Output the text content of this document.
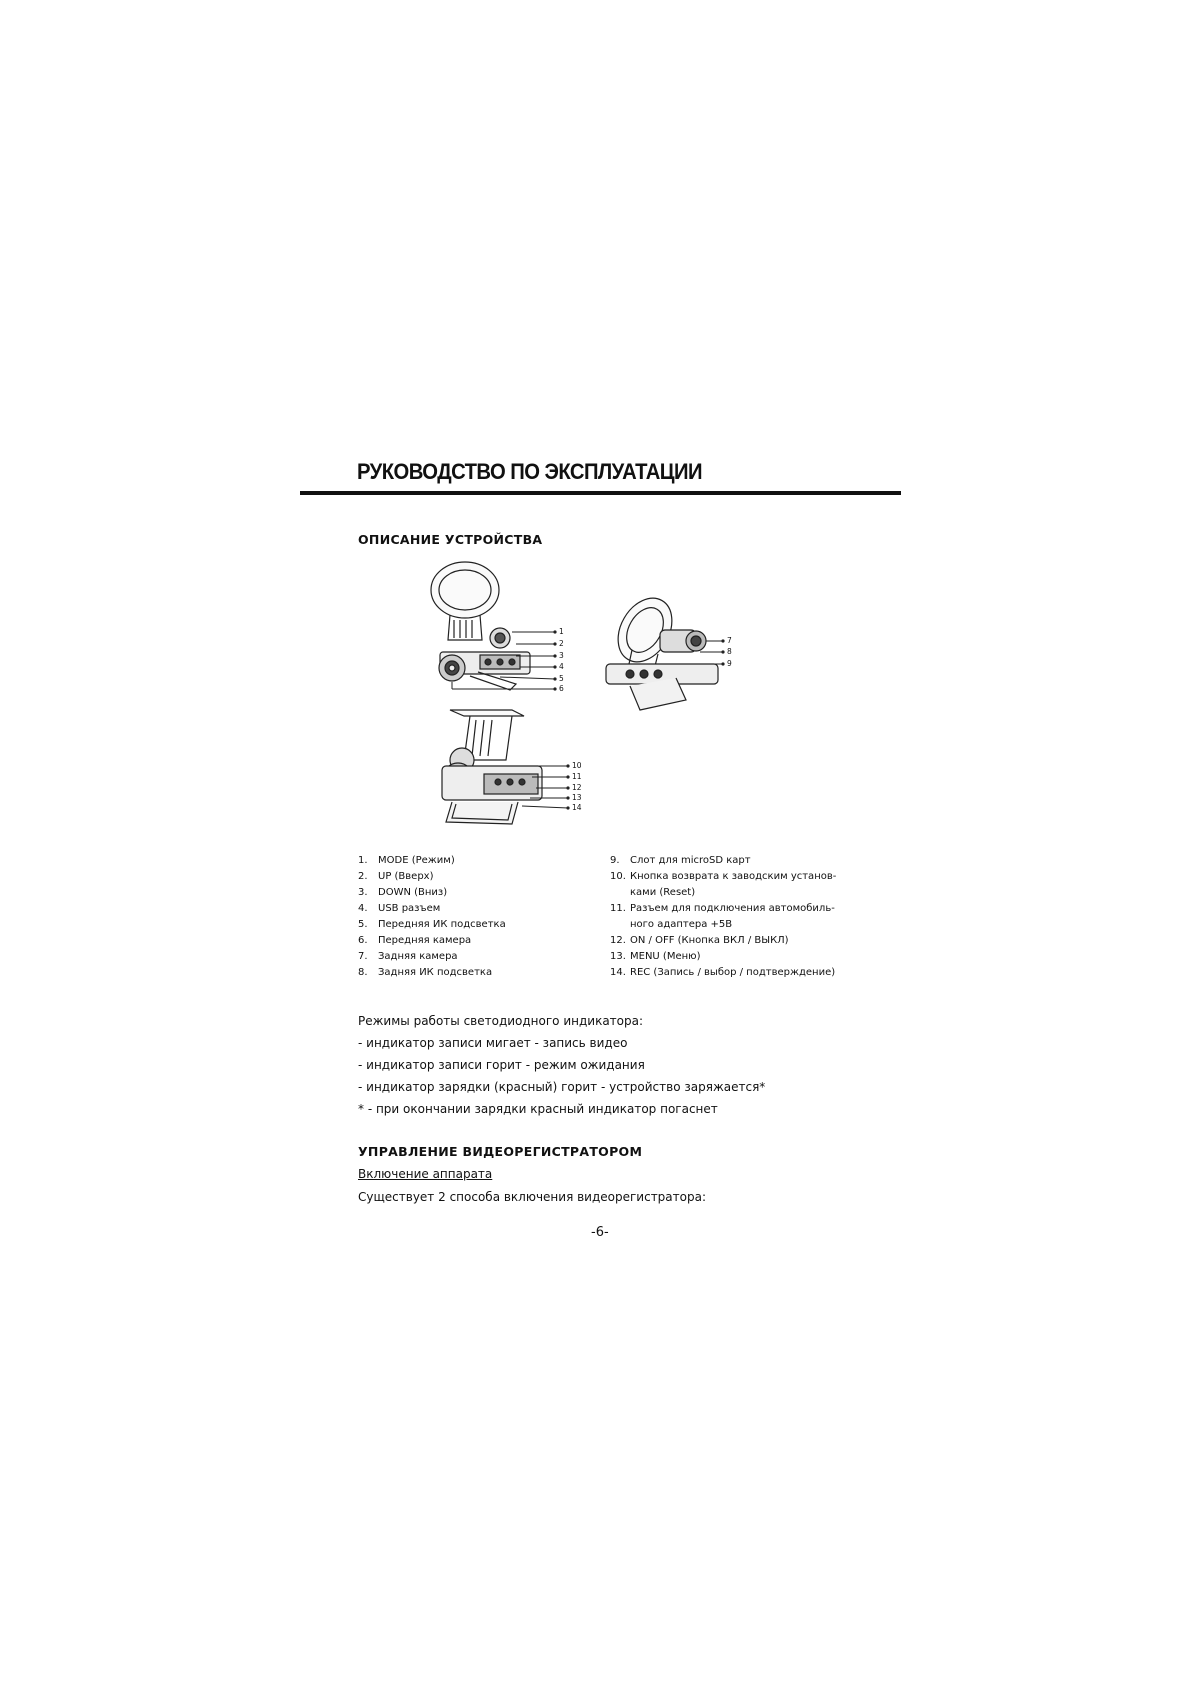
РУКОВОДСТВО ПО ЭКСПЛУАТАЦИИ
ОПИСАНИЕ УСТРОЙСТВА
1
2
3
4
5
6
7
8
9
10
11
12
13
14
1. MODE (Режим)
2. UP (Вверх)
3. DOWN (Вниз)
4. USB разъем
5. Передняя ИК подсветка
6. Передняя камера
7. Задняя камера
8. Задняя ИК подсветка
9. Слот для microSD карт
10. Кнопка возврата к заводским установ-ками (Reset)
11. Разъем для подключения автомобиль-ного адаптера +5В
12. ON / OFF (Кнопка ВКЛ / ВЫКЛ)
13. MENU (Меню)
14. REC (Запись / выбор / подтверждение)

Режимы работы светодиодного индикатора:

- индикатор записи мигает - запись видео

- индикатор записи горит - режим ожидания

- индикатор зарядки (красный) горит - устройство заряжается*

* - при окончании зарядки красный индикатор погаснет

УПРАВЛЕНИЕ ВИДЕОРЕГИСТРАТОРОМ

Включение аппарата

Существует 2 способа включения видеорегистратора:

-6-
